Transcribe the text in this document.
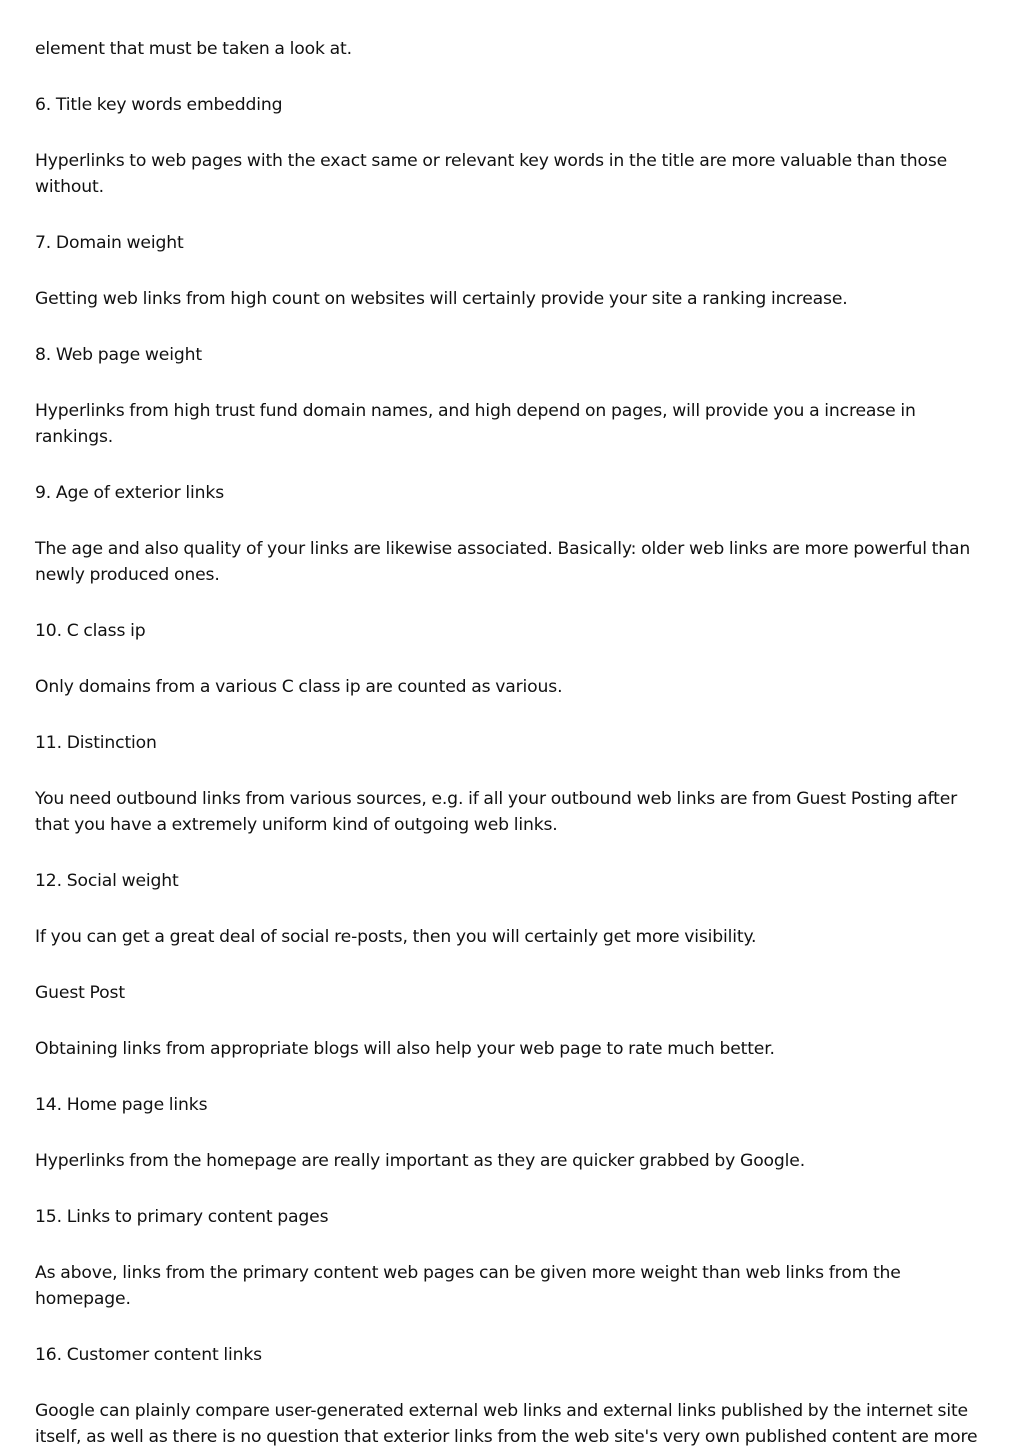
element that must be taken a look at.

6. Title key words embedding

Hyperlinks to web pages with the exact same or relevant key words in the title are more valuable than those without.

7. Domain weight

Getting web links from high count on websites will certainly provide your site a ranking increase.

8. Web page weight

Hyperlinks from high trust fund domain names, and high depend on pages, will provide you a increase in rankings.

9. Age of exterior links

The age and also quality of your links are likewise associated. Basically: older web links are more powerful than newly produced ones.

10. C class ip

Only domains from a various C class ip are counted as various.

11. Distinction

You need outbound links from various sources, e.g. if all your outbound web links are from Guest Posting after that you have a extremely uniform kind of outgoing web links.

12. Social weight

If you can get a great deal of social re-posts, then you will certainly get more visibility.

Guest Post

Obtaining links from appropriate blogs will also help your web page to rate much better.

14. Home page links

Hyperlinks from the homepage are really important as they are quicker grabbed by Google.

15. Links to primary content pages

As above, links from the primary content web pages can be given more weight than web links from the homepage.

16. Customer content links

Google can plainly compare user-generated external web links and external links published by the internet site itself, as well as there is no question that exterior links from the web site's very own published content are more
